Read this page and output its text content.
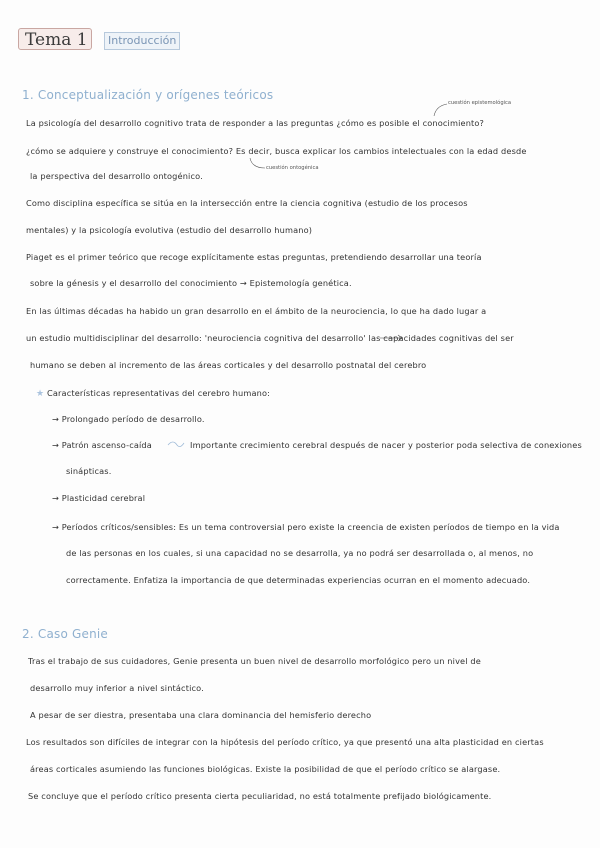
Tema 1	Introducción
1. Conceptualización y orígenes teóricos
cuestión epistemológica
cuestión ontogénica
La psicología del desarrollo cognitivo trata de responder a las preguntas ¿cómo es posible el conocimiento?
¿cómo se adquiere y construye el conocimiento? Es decir, busca explicar los cambios intelectuales con la edad desde
la perspectiva del desarrollo ontogénico.
Como disciplina específica se sitúa en la intersección entre la ciencia cognitiva (estudio de los procesos
mentales) y la psicología evolutiva (estudio del desarrollo humano)
Piaget es el primer teórico que recoge explícitamente estas preguntas, pretendiendo desarrollar una teoría
sobre la génesis y el desarrollo del conocimiento → Epistemología genética.
En las últimas décadas ha habido un gran desarrollo en el ámbito de la neurociencia, lo que ha dado lugar a
un estudio multidisciplinar del desarrollo: 'neurociencia cognitiva del desarrollo' las capacidades cognitivas del ser
humano se deben al incremento de las áreas corticales y del desarrollo postnatal del cerebro
★ Características representativas del cerebro humano:
→ Prolongado período de desarrollo.
→ Patrón ascenso-caída	Importante crecimiento cerebral después de nacer y posterior poda selectiva de conexiones
sinápticas.
→ Plasticidad cerebral
→ Períodos críticos/sensibles: Es un tema controversial pero existe la creencia de existen períodos de tiempo en la vida
de las personas en los cuales, si una capacidad no se desarrolla, ya no podrá ser desarrollada o, al menos, no
correctamente. Enfatiza la importancia de que determinadas experiencias ocurran en el momento adecuado.
2. Caso Genie
Tras el trabajo de sus cuidadores, Genie presenta un buen nivel de desarrollo morfológico pero un nivel de
desarrollo muy inferior a nivel sintáctico.
A pesar de ser diestra, presentaba una clara dominancia del hemisferio derecho
Los resultados son difíciles de integrar con la hipótesis del período crítico, ya que presentó una alta plasticidad en ciertas
áreas corticales asumiendo las funciones biológicas. Existe la posibilidad de que el período crítico se alargase.
Se concluye que el período crítico presenta cierta peculiaridad, no está totalmente prefijado biológicamente.
